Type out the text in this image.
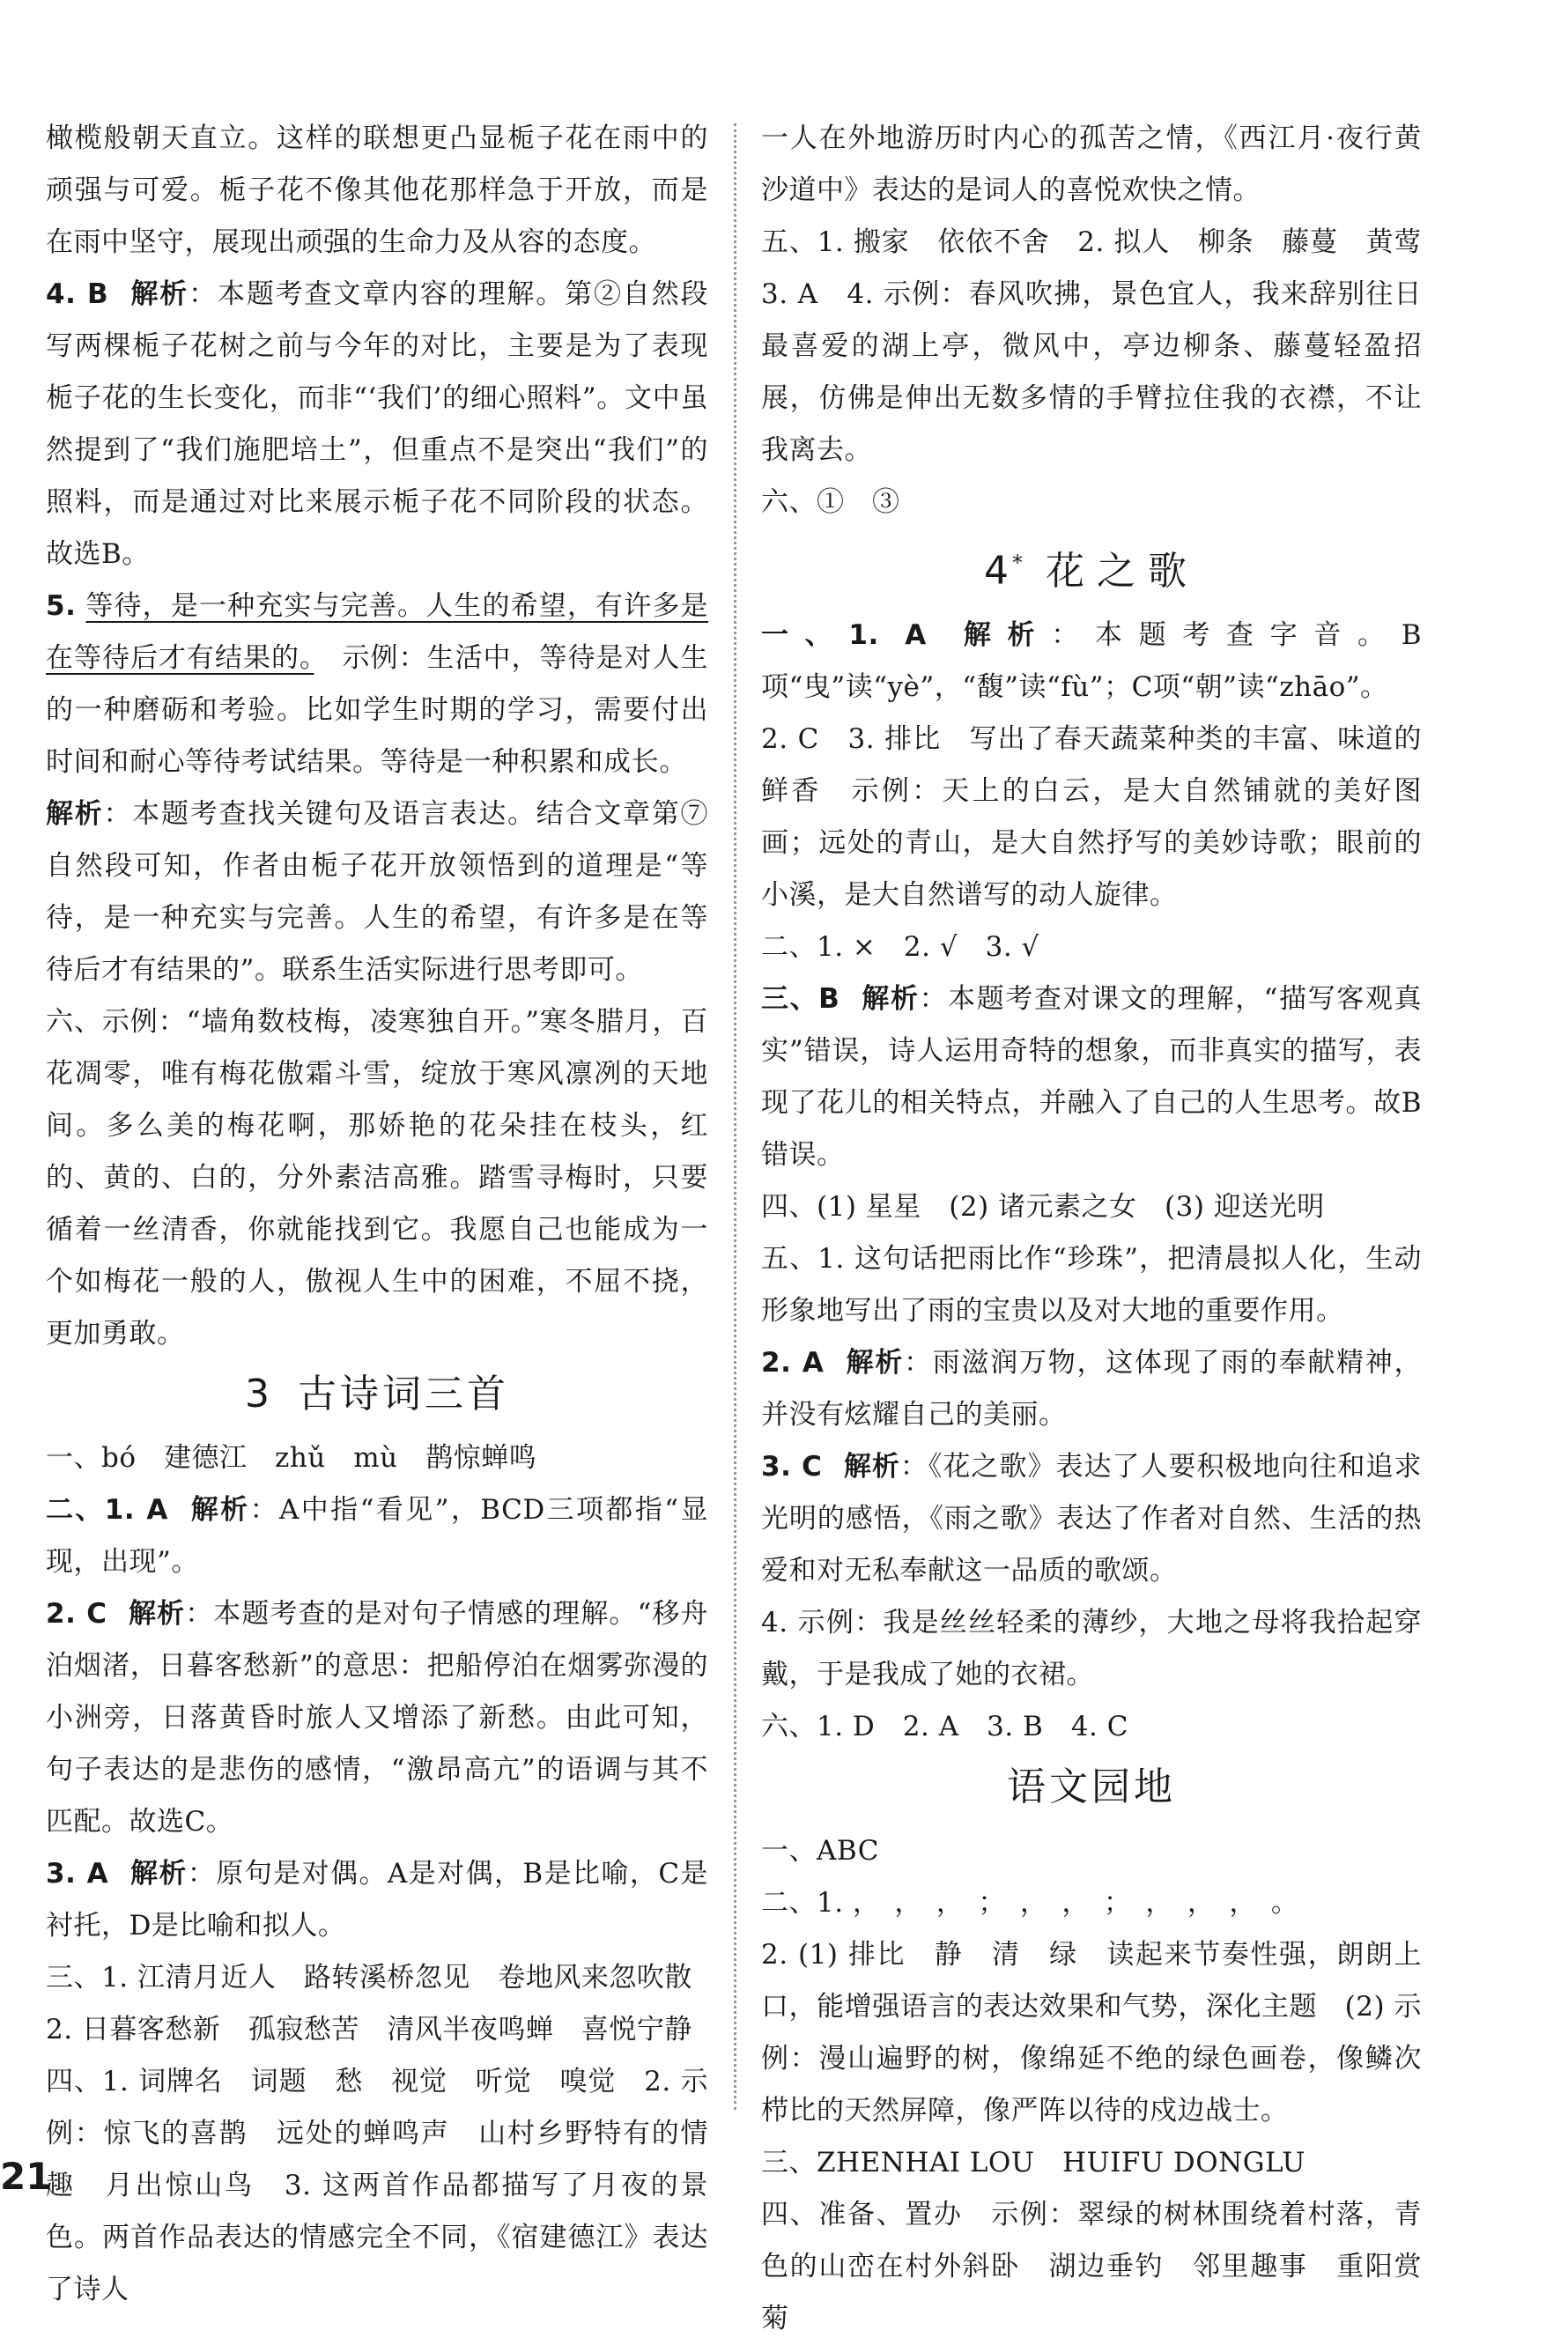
橄榄般朝天直立。这样的联想更凸显栀子花在雨中的顽强与可爱。栀子花不像其他花那样急于开放，而是在雨中坚守，展现出顽强的生命力及从容的态度。

4. B 解析：本题考查文章内容的理解。第②自然段写两棵栀子花树之前与今年的对比，主要是为了表现栀子花的生长变化，而非“‘我们’的细心照料”。文中虽然提到了“我们施肥培土”，但重点不是突出“我们”的照料，而是通过对比来展示栀子花不同阶段的状态。故选B。

5. 等待，是一种充实与完善。人生的希望，有许多是在等待后才有结果的。　示例：生活中，等待是对人生的一种磨砺和考验。比如学生时期的学习，需要付出时间和耐心等待考试结果。等待是一种积累和成长。解析：本题考查找关键句及语言表达。结合文章第⑦自然段可知，作者由栀子花开放领悟到的道理是“等待，是一种充实与完善。人生的希望，有许多是在等待后才有结果的”。联系生活实际进行思考即可。

六、示例：“墙角数枝梅，凌寒独自开。”寒冬腊月，百花凋零，唯有梅花傲霜斗雪，绽放于寒风凛冽的天地间。多么美的梅花啊，那娇艳的花朵挂在枝头，红的、黄的、白的，分外素洁高雅。踏雪寻梅时，只要循着一丝清香，你就能找到它。我愿自己也能成为一个如梅花一般的人，傲视人生中的困难，不屈不挠，更加勇敢。

3 古诗词三首

一、bó　建德江　zhǔ　mù　鹊惊蝉鸣

二、1. A 解析：A中指“看见”，BCD三项都指“显现，出现”。

2. C 解析：本题考查的是对句子情感的理解。“移舟泊烟渚，日暮客愁新”的意思：把船停泊在烟雾弥漫的小洲旁，日落黄昏时旅人又增添了新愁。由此可知，句子表达的是悲伤的感情，“激昂高亢”的语调与其不匹配。故选C。

3. A 解析：原句是对偶。A是对偶，B是比喻，C是衬托，D是比喻和拟人。

三、1. 江清月近人　路转溪桥忽见　卷地风来忽吹散

2. 日暮客愁新　孤寂愁苦　清风半夜鸣蝉　喜悦宁静

四、1. 词牌名　词题　愁　视觉　听觉　嗅觉　2. 示例：惊飞的喜鹊　远处的蝉鸣声　山村乡野特有的情趣　月出惊山鸟　3. 这两首作品都描写了月夜的景色。两首作品表达的情感完全不同，《宿建德江》表达了诗人

一人在外地游历时内心的孤苦之情，《西江月·夜行黄沙道中》表达的是词人的喜悦欢快之情。

五、1. 搬家　依依不舍　2. 拟人　柳条　藤蔓　黄莺　3. A　4. 示例：春风吹拂，景色宜人，我来辞别往日最喜爱的湖上亭，微风中，亭边柳条、藤蔓轻盈招展，仿佛是伸出无数多情的手臂拉住我的衣襟，不让我离去。

六、①　③

4* 花之歌

一、1. A 解析：本题考查字音。B项“曳”读“yè”，“馥”读“fù”；C项“朝”读“zhāo”。

2. C　3. 排比　写出了春天蔬菜种类的丰富、味道的鲜香　示例：天上的白云，是大自然铺就的美好图画；远处的青山，是大自然抒写的美妙诗歌；眼前的小溪，是大自然谱写的动人旋律。

二、1. ×　2. √　3. √

三、B 解析：本题考查对课文的理解，“描写客观真实”错误，诗人运用奇特的想象，而非真实的描写，表现了花儿的相关特点，并融入了自己的人生思考。故B错误。

四、(1) 星星　(2) 诸元素之女　(3) 迎送光明

五、1. 这句话把雨比作“珍珠”，把清晨拟人化，生动形象地写出了雨的宝贵以及对大地的重要作用。

2. A 解析：雨滋润万物，这体现了雨的奉献精神，并没有炫耀自己的美丽。

3. C 解析：《花之歌》表达了人要积极地向往和追求光明的感悟，《雨之歌》表达了作者对自然、生活的热爱和对无私奉献这一品质的歌颂。

4. 示例：我是丝丝轻柔的薄纱，大地之母将我拾起穿戴，于是我成了她的衣裙。

六、1. D　2. A　3. B　4. C

语文园地

一、ABC

二、1. ，　，　，　；　，　，　；　，　，　，　。

2. (1) 排比　静　清　绿　读起来节奏性强，朗朗上口，能增强语言的表达效果和气势，深化主题　(2) 示例：漫山遍野的树，像绵延不绝的绿色画卷，像鳞次栉比的天然屏障，像严阵以待的戍边战士。

三、ZHENHAI LOU　HUIFU DONGLU

四、准备、置办　示例：翠绿的树林围绕着村落，青色的山峦在村外斜卧　湖边垂钓　邻里趣事　重阳赏菊

21
